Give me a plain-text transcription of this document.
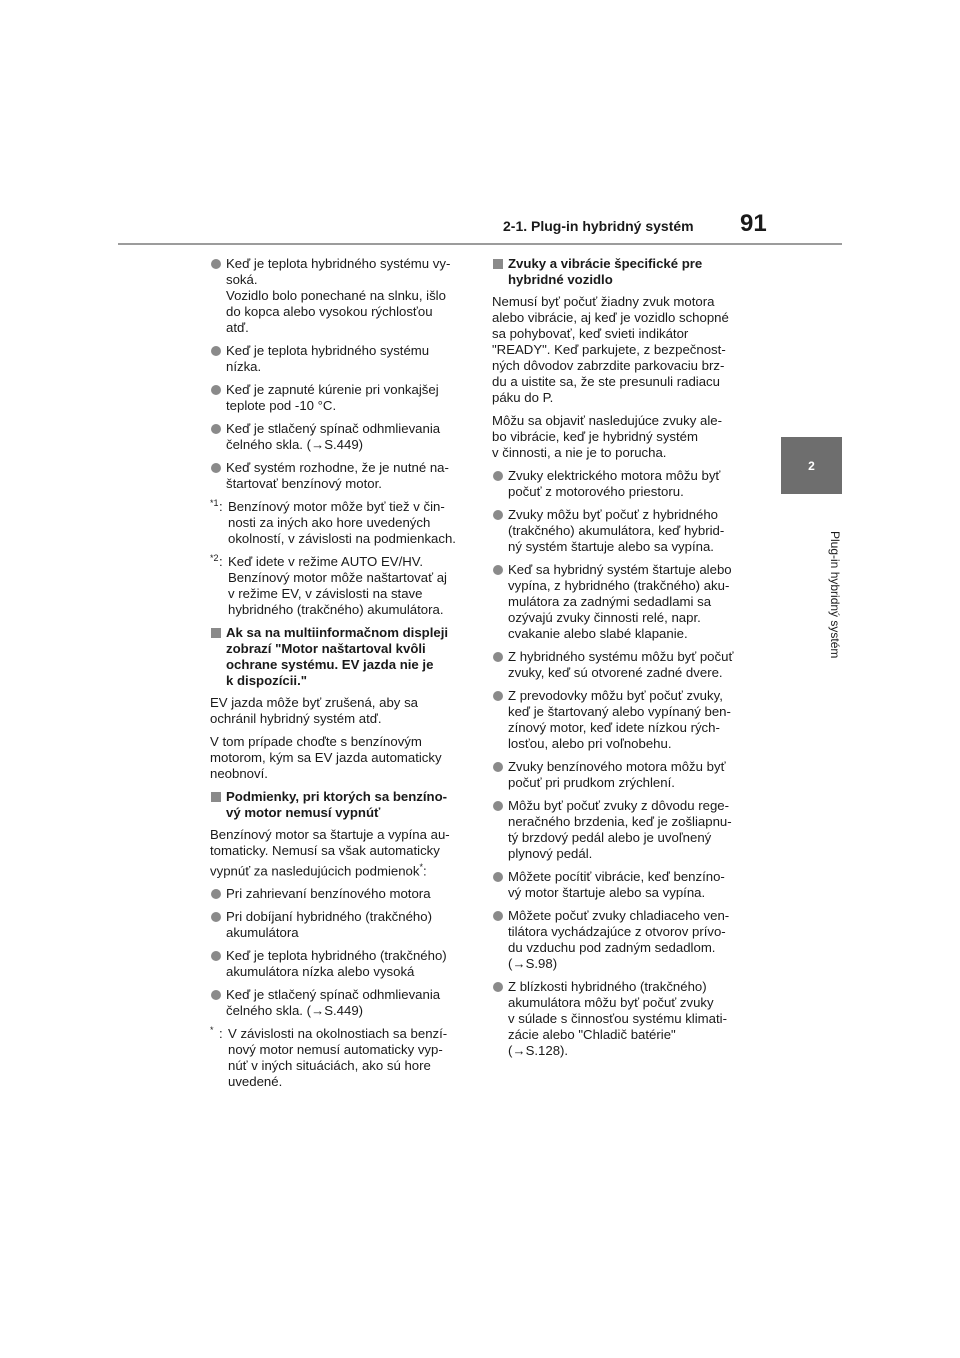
2-1. Plug-in hybridný systém 91
2
Plug-in hybridný systém
Keď je teplota hybridného systému vy-
soká.
Vozidlo bolo ponechané na slnku, išlo
do kopca alebo vysokou rýchlosťou
atď.
Keď je teplota hybridného systému
nízka.
Keď je zapnuté kúrenie pri vonkajšej
teplote pod -10 °C.
Keď je stlačený spínač odhmlievania
čelného skla. (→S.449)
Keď systém rozhodne, že je nutné na-
štartovať benzínový motor.
*1 : Benzínový motor môže byť tiež v čin-
nosti za iných ako hore uvedených
okolností, v závislosti na podmienkach.
*2 : Keď idete v režime AUTO EV/HV.
Benzínový motor môže naštartovať aj
v režime EV, v závislosti na stave
hybridného (trakčného) akumulátora.
Ak sa na multiinformačnom displeji
zobrazí "Motor naštartoval kvôli
ochrane systému. EV jazda nie je
k dispozícii."
EV jazda môže byť zrušená, aby sa
ochránil hybridný systém atď.
V tom prípade choďte s benzínovým
motorom, kým sa EV jazda automaticky
neobnoví.
Podmienky, pri ktorých sa benzíno-
vý motor nemusí vypnúť
Benzínový motor sa štartuje a vypína au-
tomaticky. Nemusí sa však automaticky
vypnúť za nasledujúcich podmienok*:
Pri zahrievaní benzínového motora
Pri dobíjaní hybridného (trakčného)
akumulátora
Keď je teplota hybridného (trakčného)
akumulátora nízka alebo vysoká
Keď je stlačený spínač odhmlievania
čelného skla. (→S.449)
* : V závislosti na okolnostiach sa benzí-
nový motor nemusí automaticky vyp-
núť v iných situáciách, ako sú hore
uvedené.
Zvuky a vibrácie špecifické pre
hybridné vozidlo
Nemusí byť počuť žiadny zvuk motora
alebo vibrácie, aj keď je vozidlo schopné
sa pohybovať, keď svieti indikátor
"READY". Keď parkujete, z bezpečnost-
ných dôvodov zabrzdite parkovaciu brz-
du a uistite sa, že ste presunuli radiacu
páku do P.
Môžu sa objaviť nasledujúce zvuky ale-
bo vibrácie, keď je hybridný systém
v činnosti, a nie je to porucha.
Zvuky elektrického motora môžu byť
počuť z motorového priestoru.
Zvuky môžu byť počuť z hybridného
(trakčného) akumulátora, keď hybrid-
ný systém štartuje alebo sa vypína.
Keď sa hybridný systém štartuje alebo
vypína, z hybridného (trakčného) aku-
mulátora za zadnými sedadlami sa
ozývajú zvuky činnosti relé, napr.
cvakanie alebo slabé klapanie.
Z hybridného systému môžu byť počuť
zvuky, keď sú otvorené zadné dvere.
Z prevodovky môžu byť počuť zvuky,
keď je štartovaný alebo vypínaný ben-
zínový motor, keď idete nízkou rých-
losťou, alebo pri voľnobehu.
Zvuky benzínového motora môžu byť
počuť pri prudkom zrýchlení.
Môžu byť počuť zvuky z dôvodu rege-
neračného brzdenia, keď je zošliapnu-
tý brzdový pedál alebo je uvoľnený
plynový pedál.
Môžete pocítiť vibrácie, keď benzíno-
vý motor štartuje alebo sa vypína.
Môžete počuť zvuky chladiaceho ven-
tilátora vychádzajúce z otvorov prívo-
du vzduchu pod zadným sedadlom.
(→S.98)
Z blízkosti hybridného (trakčného)
akumulátora môžu byť počuť zvuky
v súlade s činnosťou systému klimati-
zácie alebo "Chladič batérie"
(→S.128).
